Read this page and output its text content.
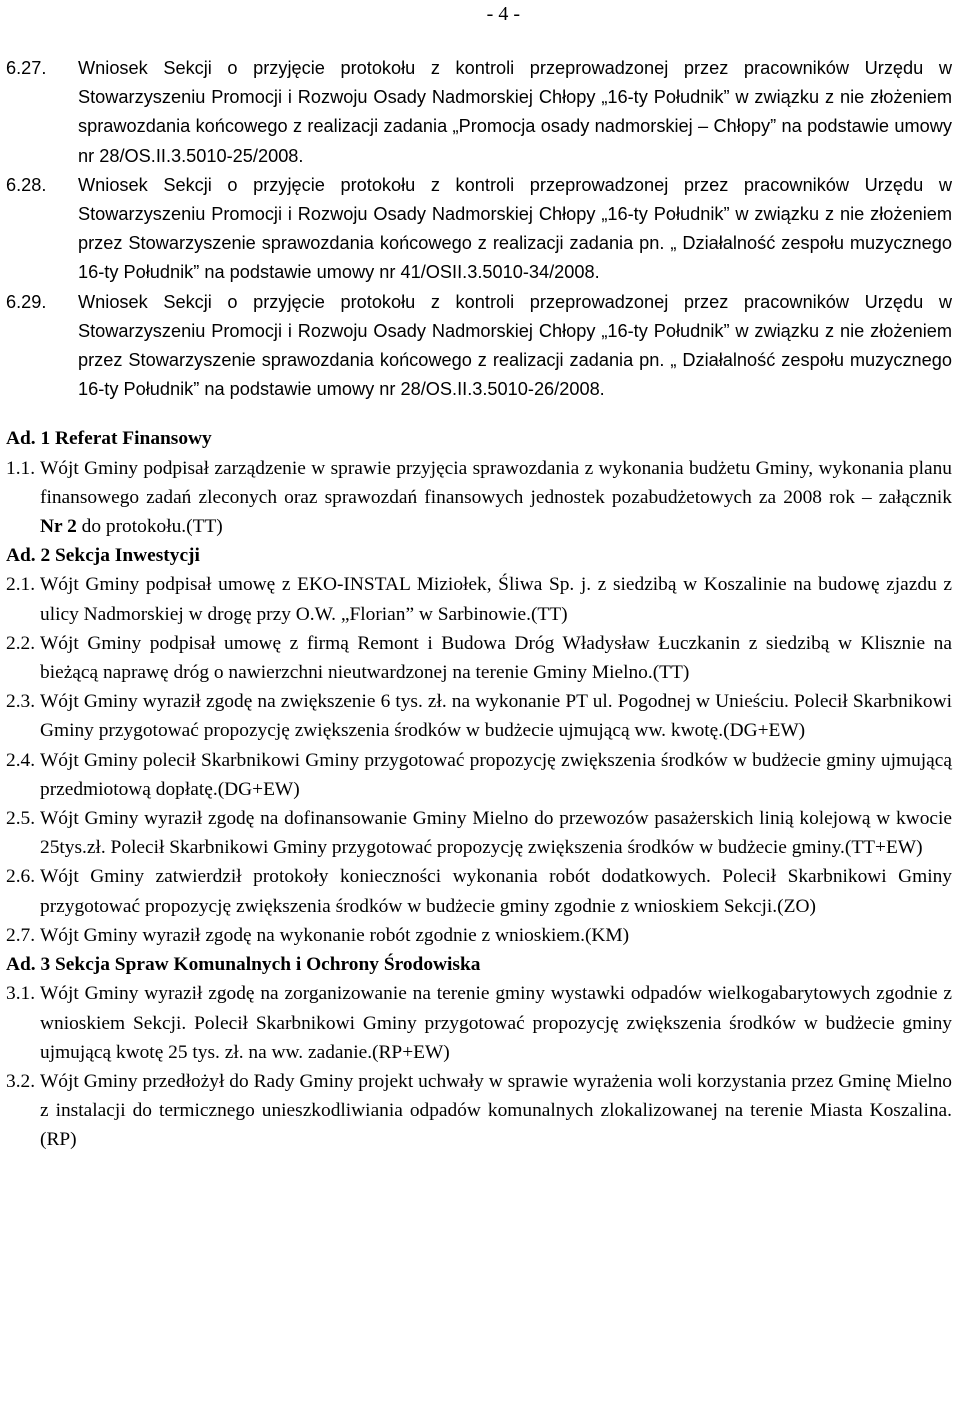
- 4 -

6.27.	Wniosek Sekcji o przyjęcie protokołu z kontroli przeprowadzonej przez pracowników Urzędu w Stowarzyszeniu Promocji i Rozwoju Osady Nadmorskiej Chłopy „16-ty Południk” w związku z nie złożeniem sprawozdania końcowego z realizacji zadania „Promocja osady nadmorskiej – Chłopy” na podstawie umowy nr 28/OS.II.3.5010-25/2008.
6.28.	Wniosek Sekcji o przyjęcie protokołu z kontroli przeprowadzonej przez pracowników Urzędu w Stowarzyszeniu Promocji i Rozwoju Osady Nadmorskiej Chłopy „16-ty Południk” w związku z nie złożeniem przez Stowarzyszenie sprawozdania końcowego z realizacji zadania pn. „ Działalność zespołu muzycznego 16-ty Południk” na podstawie umowy nr 41/OSII.3.5010-34/2008.
6.29.	Wniosek Sekcji o przyjęcie protokołu z kontroli przeprowadzonej przez pracowników Urzędu w Stowarzyszeniu Promocji i Rozwoju Osady Nadmorskiej Chłopy „16-ty Południk” w związku z nie złożeniem przez Stowarzyszenie sprawozdania końcowego z realizacji zadania pn. „ Działalność zespołu muzycznego 16-ty Południk” na podstawie umowy nr 28/OS.II.3.5010-26/2008.

Ad. 1 Referat Finansowy

1.1. Wójt Gminy podpisał zarządzenie w sprawie przyjęcia sprawozdania z wykonania budżetu Gminy, wykonania planu finansowego zadań zleconych oraz sprawozdań finansowych jednostek pozabudżetowych za 2008 rok – załącznik Nr 2 do protokołu.(TT)

Ad. 2 Sekcja Inwestycji

2.1. Wójt Gminy podpisał umowę z EKO-INSTAL Miziołek, Śliwa Sp. j. z siedzibą w Koszalinie na budowę zjazdu z ulicy Nadmorskiej w drogę przy O.W. „Florian” w Sarbinowie.(TT)
2.2. Wójt Gminy podpisał umowę z firmą Remont i Budowa Dróg Władysław Łuczkanin z siedzibą w Klisznie na bieżącą naprawę dróg o nawierzchni nieutwardzonej na terenie Gminy Mielno.(TT)
2.3. Wójt Gminy wyraził zgodę na zwiększenie 6 tys. zł. na wykonanie PT ul. Pogodnej w Unieściu. Polecił Skarbnikowi Gminy przygotować propozycję zwiększenia środków w budżecie ujmującą ww. kwotę.(DG+EW)
2.4. Wójt Gminy polecił Skarbnikowi Gminy przygotować propozycję zwiększenia środków w budżecie gminy ujmującą przedmiotową dopłatę.(DG+EW)
2.5. Wójt Gminy wyraził zgodę na dofinansowanie Gminy Mielno do przewozów pasażerskich linią kolejową w kwocie 25tys.zł. Polecił Skarbnikowi Gminy przygotować propozycję zwiększenia środków w budżecie gminy.(TT+EW)
2.6. Wójt Gminy zatwierdził protokoły konieczności wykonania robót dodatkowych. Polecił Skarbnikowi Gminy przygotować propozycję zwiększenia środków w budżecie gminy zgodnie z wnioskiem Sekcji.(ZO)
2.7. Wójt Gminy wyraził zgodę na wykonanie robót zgodnie z wnioskiem.(KM)

Ad. 3 Sekcja Spraw Komunalnych i Ochrony Środowiska

3.1. Wójt Gminy wyraził zgodę na zorganizowanie na terenie gminy wystawki odpadów wielkogabarytowych zgodnie z wnioskiem Sekcji. Polecił Skarbnikowi Gminy przygotować propozycję zwiększenia środków w budżecie gminy ujmującą kwotę 25 tys. zł. na ww. zadanie.(RP+EW)
3.2. Wójt Gminy przedłożył do Rady Gminy projekt uchwały w sprawie wyrażenia woli korzystania przez Gminę Mielno z instalacji do termicznego unieszkodliwiania odpadów komunalnych zlokalizowanej na terenie Miasta Koszalina.(RP)
